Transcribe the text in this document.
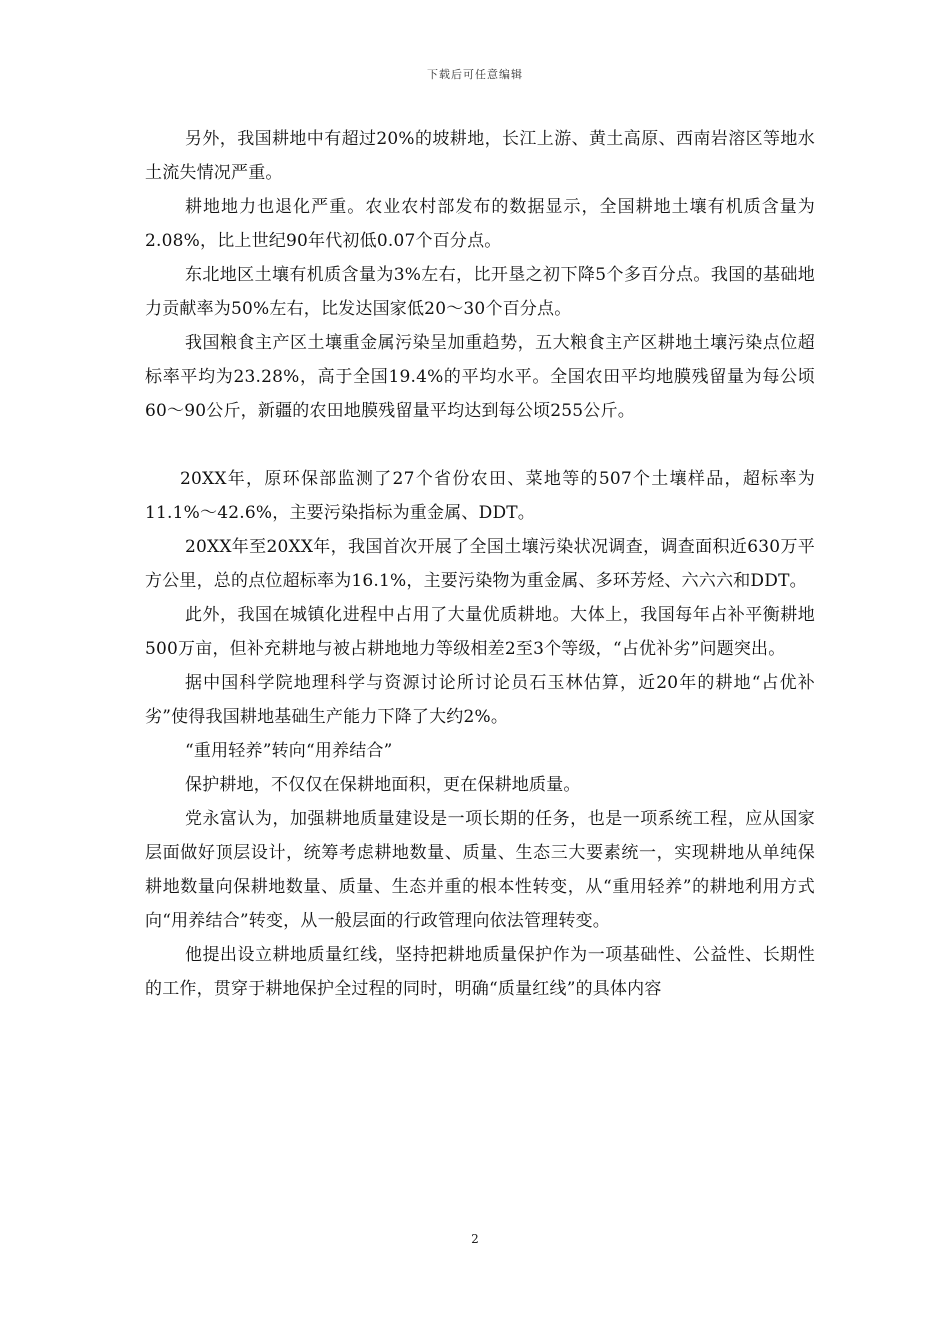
下载后可任意编辑

另外，我国耕地中有超过20%的坡耕地，长江上游、黄土高原、西南岩溶区等地水土流失情况严重。

耕地地力也退化严重。农业农村部发布的数据显示，全国耕地土壤有机质含量为2.08%，比上世纪90年代初低0.07个百分点。

东北地区土壤有机质含量为3%左右，比开垦之初下降5个多百分点。我国的基础地力贡献率为50%左右，比发达国家低20～30个百分点。

我国粮食主产区土壤重金属污染呈加重趋势，五大粮食主产区耕地土壤污染点位超标率平均为23.28%，高于全国19.4%的平均水平。全国农田平均地膜残留量为每公顷60～90公斤，新疆的农田地膜残留量平均达到每公顷255公斤。

20XX年，原环保部监测了27个省份农田、菜地等的507个土壤样品，超标率为11.1%～42.6%，主要污染指标为重金属、DDT。

20XX年至20XX年，我国首次开展了全国土壤污染状况调查，调查面积近630万平方公里，总的点位超标率为16.1%，主要污染物为重金属、多环芳烃、六六六和DDT。

此外，我国在城镇化进程中占用了大量优质耕地。大体上，我国每年占补平衡耕地500万亩，但补充耕地与被占耕地地力等级相差2至3个等级，“占优补劣”问题突出。

据中国科学院地理科学与资源讨论所讨论员石玉林估算，近20年的耕地“占优补劣”使得我国耕地基础生产能力下降了大约2%。

“重用轻养”转向“用养结合”

保护耕地，不仅仅在保耕地面积，更在保耕地质量。

党永富认为，加强耕地质量建设是一项长期的任务，也是一项系统工程，应从国家层面做好顶层设计，统筹考虑耕地数量、质量、生态三大要素统一，实现耕地从单纯保耕地数量向保耕地数量、质量、生态并重的根本性转变，从“重用轻养”的耕地利用方式向“用养结合”转变，从一般层面的行政管理向依法管理转变。

他提出设立耕地质量红线，坚持把耕地质量保护作为一项基础性、公益性、长期性的工作，贯穿于耕地保护全过程的同时，明确“质量红线”的具体内容

2
